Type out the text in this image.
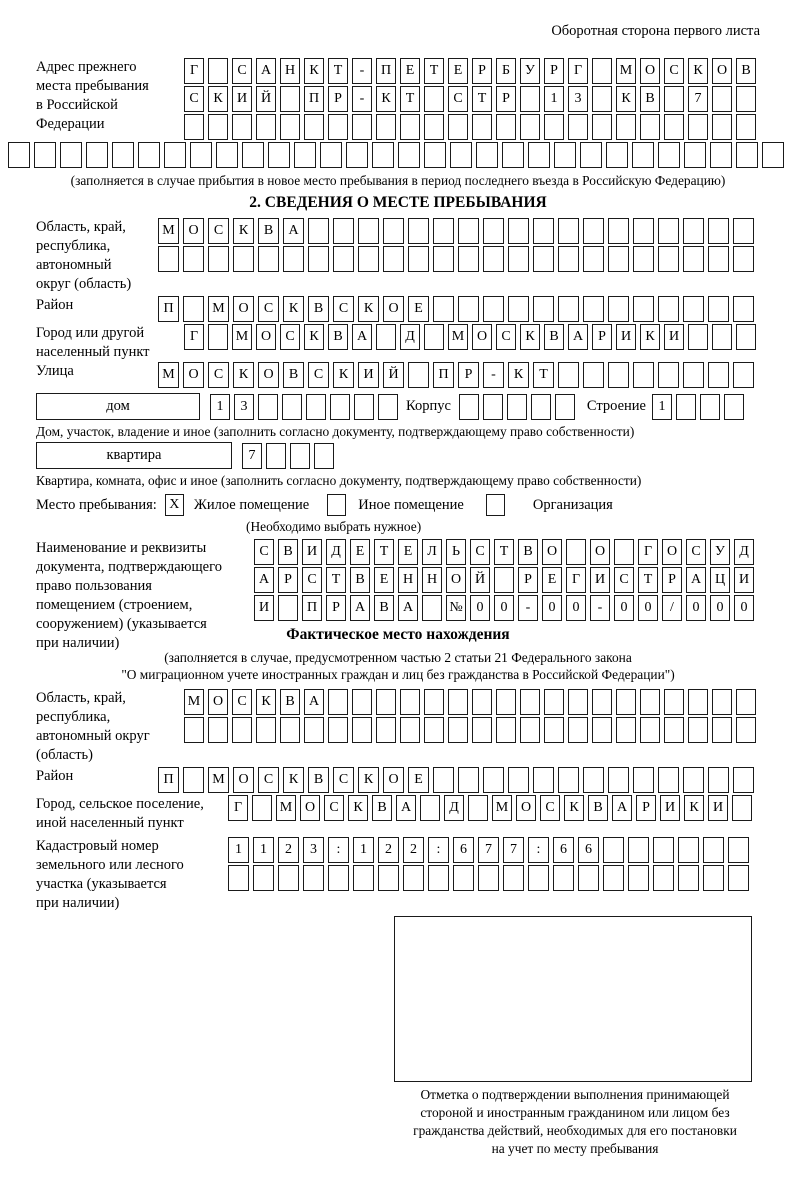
Оборотная сторона первого листа
Адрес прежнего
места пребывания
в Российской
Федерации
Г	С	А Н	К	Т	-	П	Е	Т	Е	Р	Б	У	Р	Г	М О	С	К	О	В
С	К	И Й	П	Р	-	К	Т	С	Т	Р	1	3	К	В	7
(заполняется в случае прибытия в новое место пребывания в период последнего въезда в Российскую Федерацию)
2. СВЕДЕНИЯ О МЕСТЕ ПРЕБЫВАНИЯ
Область, край,
республика,
автономный
округ (область)
М О	С	К	В	А
Район	П	М О	С	К	В	С	К	О	Е
Город или другой
населенный пункт
Г	М О	С	К	В	А	Д	М О	С	К	В	А	Р	И	К	И
Улица	М О	С	К	О	В	С	К	И	Й	П	Р	-	К	Т
дом	1	3	Корпус	Строение 1
Дом, участок, владение и иное (заполнить согласно документу, подтверждающему право собственности)
квартира	7
Квартира, комната, офис и иное (заполнить согласно документу, подтверждающему право собственности)
Место пребывания: X Жилое помещение	Иное помещение	Организация
(Необходимо выбрать нужное)
Наименование и реквизиты
документа, подтверждающего
право пользования
помещением (строением,
сооружением) (указывается
при наличии)
С	В	И	Д	Е	Т	Е	Л	Ь	С	Т	В	О	О	Г	О	С	У	Д
А	Р	С	Т	В	Е	Н Н О Й	Р	Е	Г	И	С	Т	Р	А Ц И
И	П	Р	А	В	А	№ 0	0	-	0	0	-	0	0	/	0	0	0
Фактическое место нахождения
(заполняется в случае, предусмотренном частью 2 статьи 21 Федерального закона
"О миграционном учете иностранных граждан и лиц без гражданства в Российской Федерации")
Область, край,
республика,
автономный округ
(область)
М О	С	К	В	А
Район	П	М О	С	К	В	С	К	О	Е
Город, сельское поселение,
иной населенный пункт
Г	М О	С	К	В	А	Д	М О	С	К	В	А	Р	И	К	И
Кадастровый номер
земельного или лесного
участка (указывается
при наличии)
1	1	2	3	:	1	2	2	:	6	7	7	:	6	6
Отметка о подтверждении выполнения принимающей
стороной и иностранным гражданином или лицом без
гражданства действий, необходимых для его постановки
на учет по месту пребывания
